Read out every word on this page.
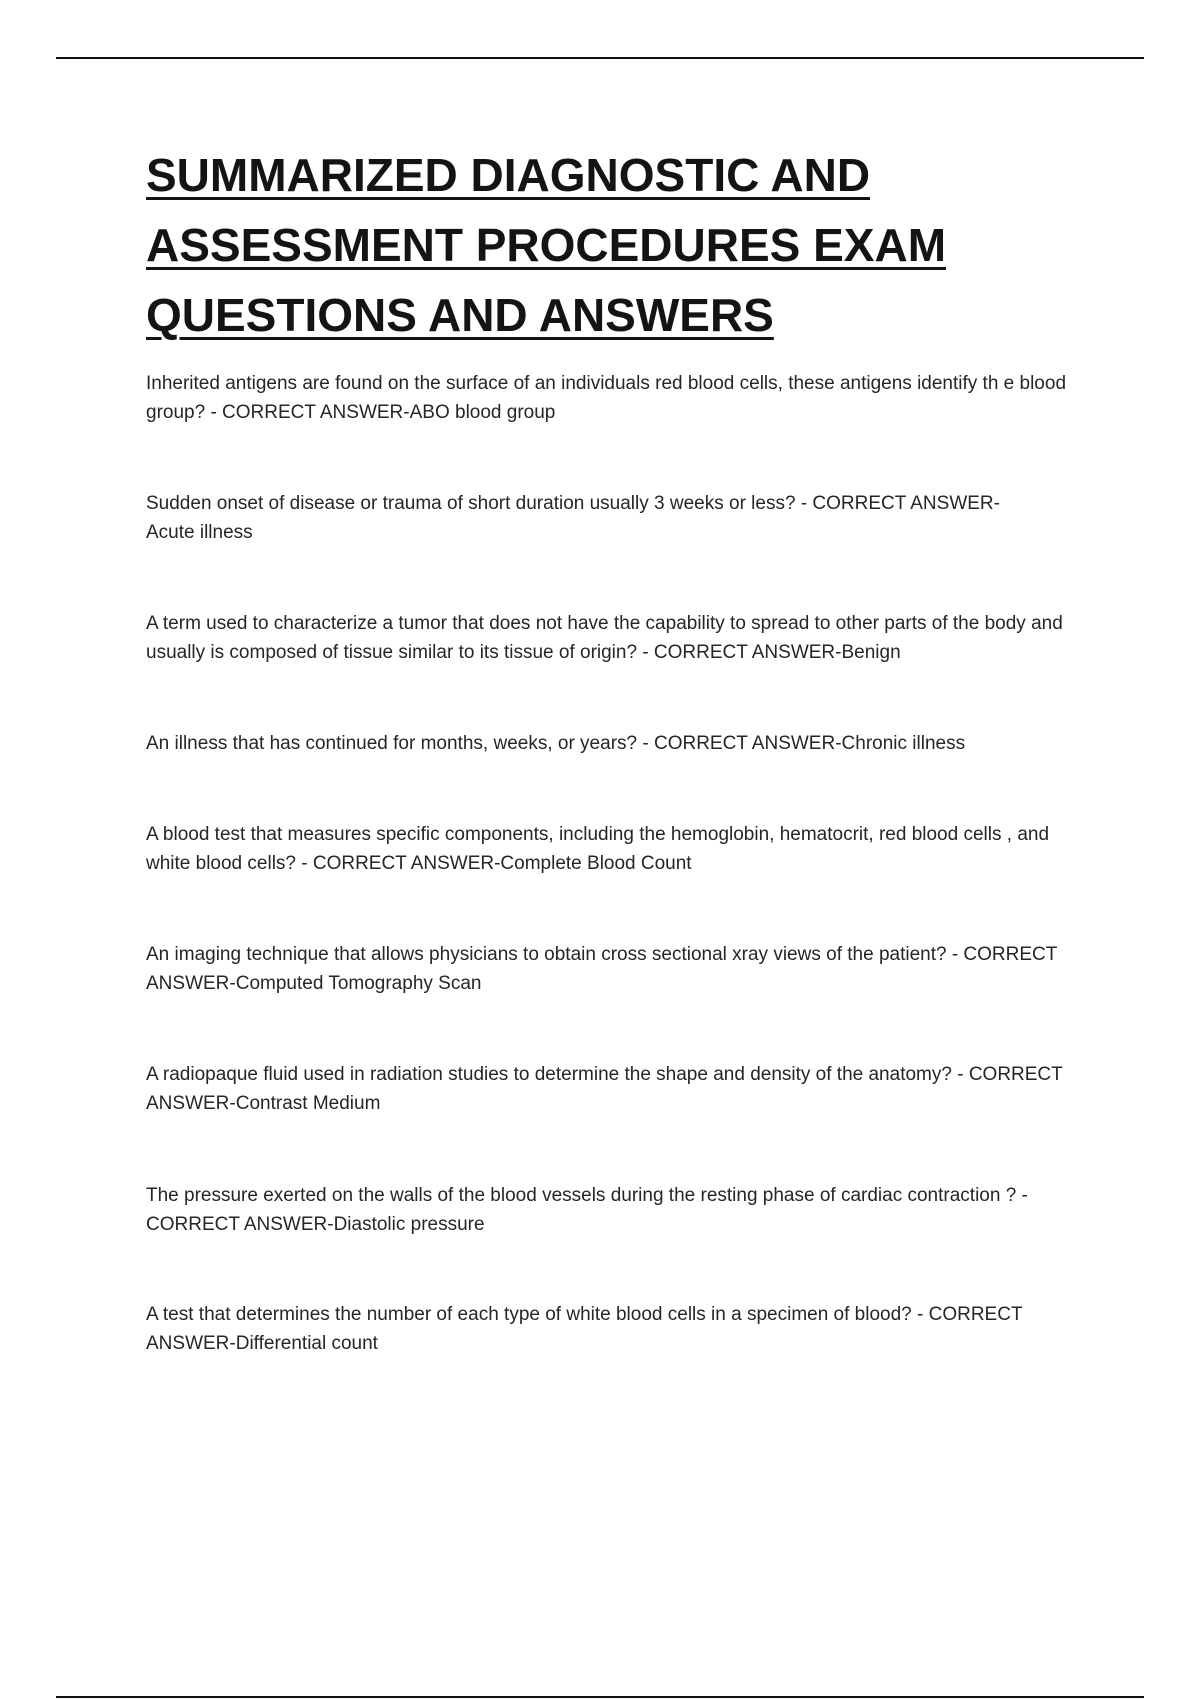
SUMMARIZED DIAGNOSTIC AND
ASSESSMENT PROCEDURES EXAM
QUESTIONS AND ANSWERS

Inherited antigens are found on the surface of an individuals red blood cells, these antigens identify th e blood group? - CORRECT ANSWER-ABO blood group

Sudden onset of disease or trauma of short duration usually 3 weeks or less? - CORRECT ANSWER-
Acute illness

A term used to characterize a tumor that does not have the capability to spread to other parts of the body and usually is composed of tissue similar to its tissue of origin? - CORRECT ANSWER-Benign

An illness that has continued for months, weeks, or years? - CORRECT ANSWER-Chronic illness

A blood test that measures specific components, including the hemoglobin, hematocrit, red blood cells , and white blood cells? - CORRECT ANSWER-Complete Blood Count

An imaging technique that allows physicians to obtain cross sectional xray views of the patient? - CORRECT ANSWER-Computed Tomography Scan

A radiopaque fluid used in radiation studies to determine the shape and density of the anatomy? - CORRECT ANSWER-Contrast Medium

The pressure exerted on the walls of the blood vessels during the resting phase of cardiac contraction ? - CORRECT ANSWER-Diastolic pressure

A test that determines the number of each type of white blood cells in a specimen of blood? - CORRECT ANSWER-Differential count
